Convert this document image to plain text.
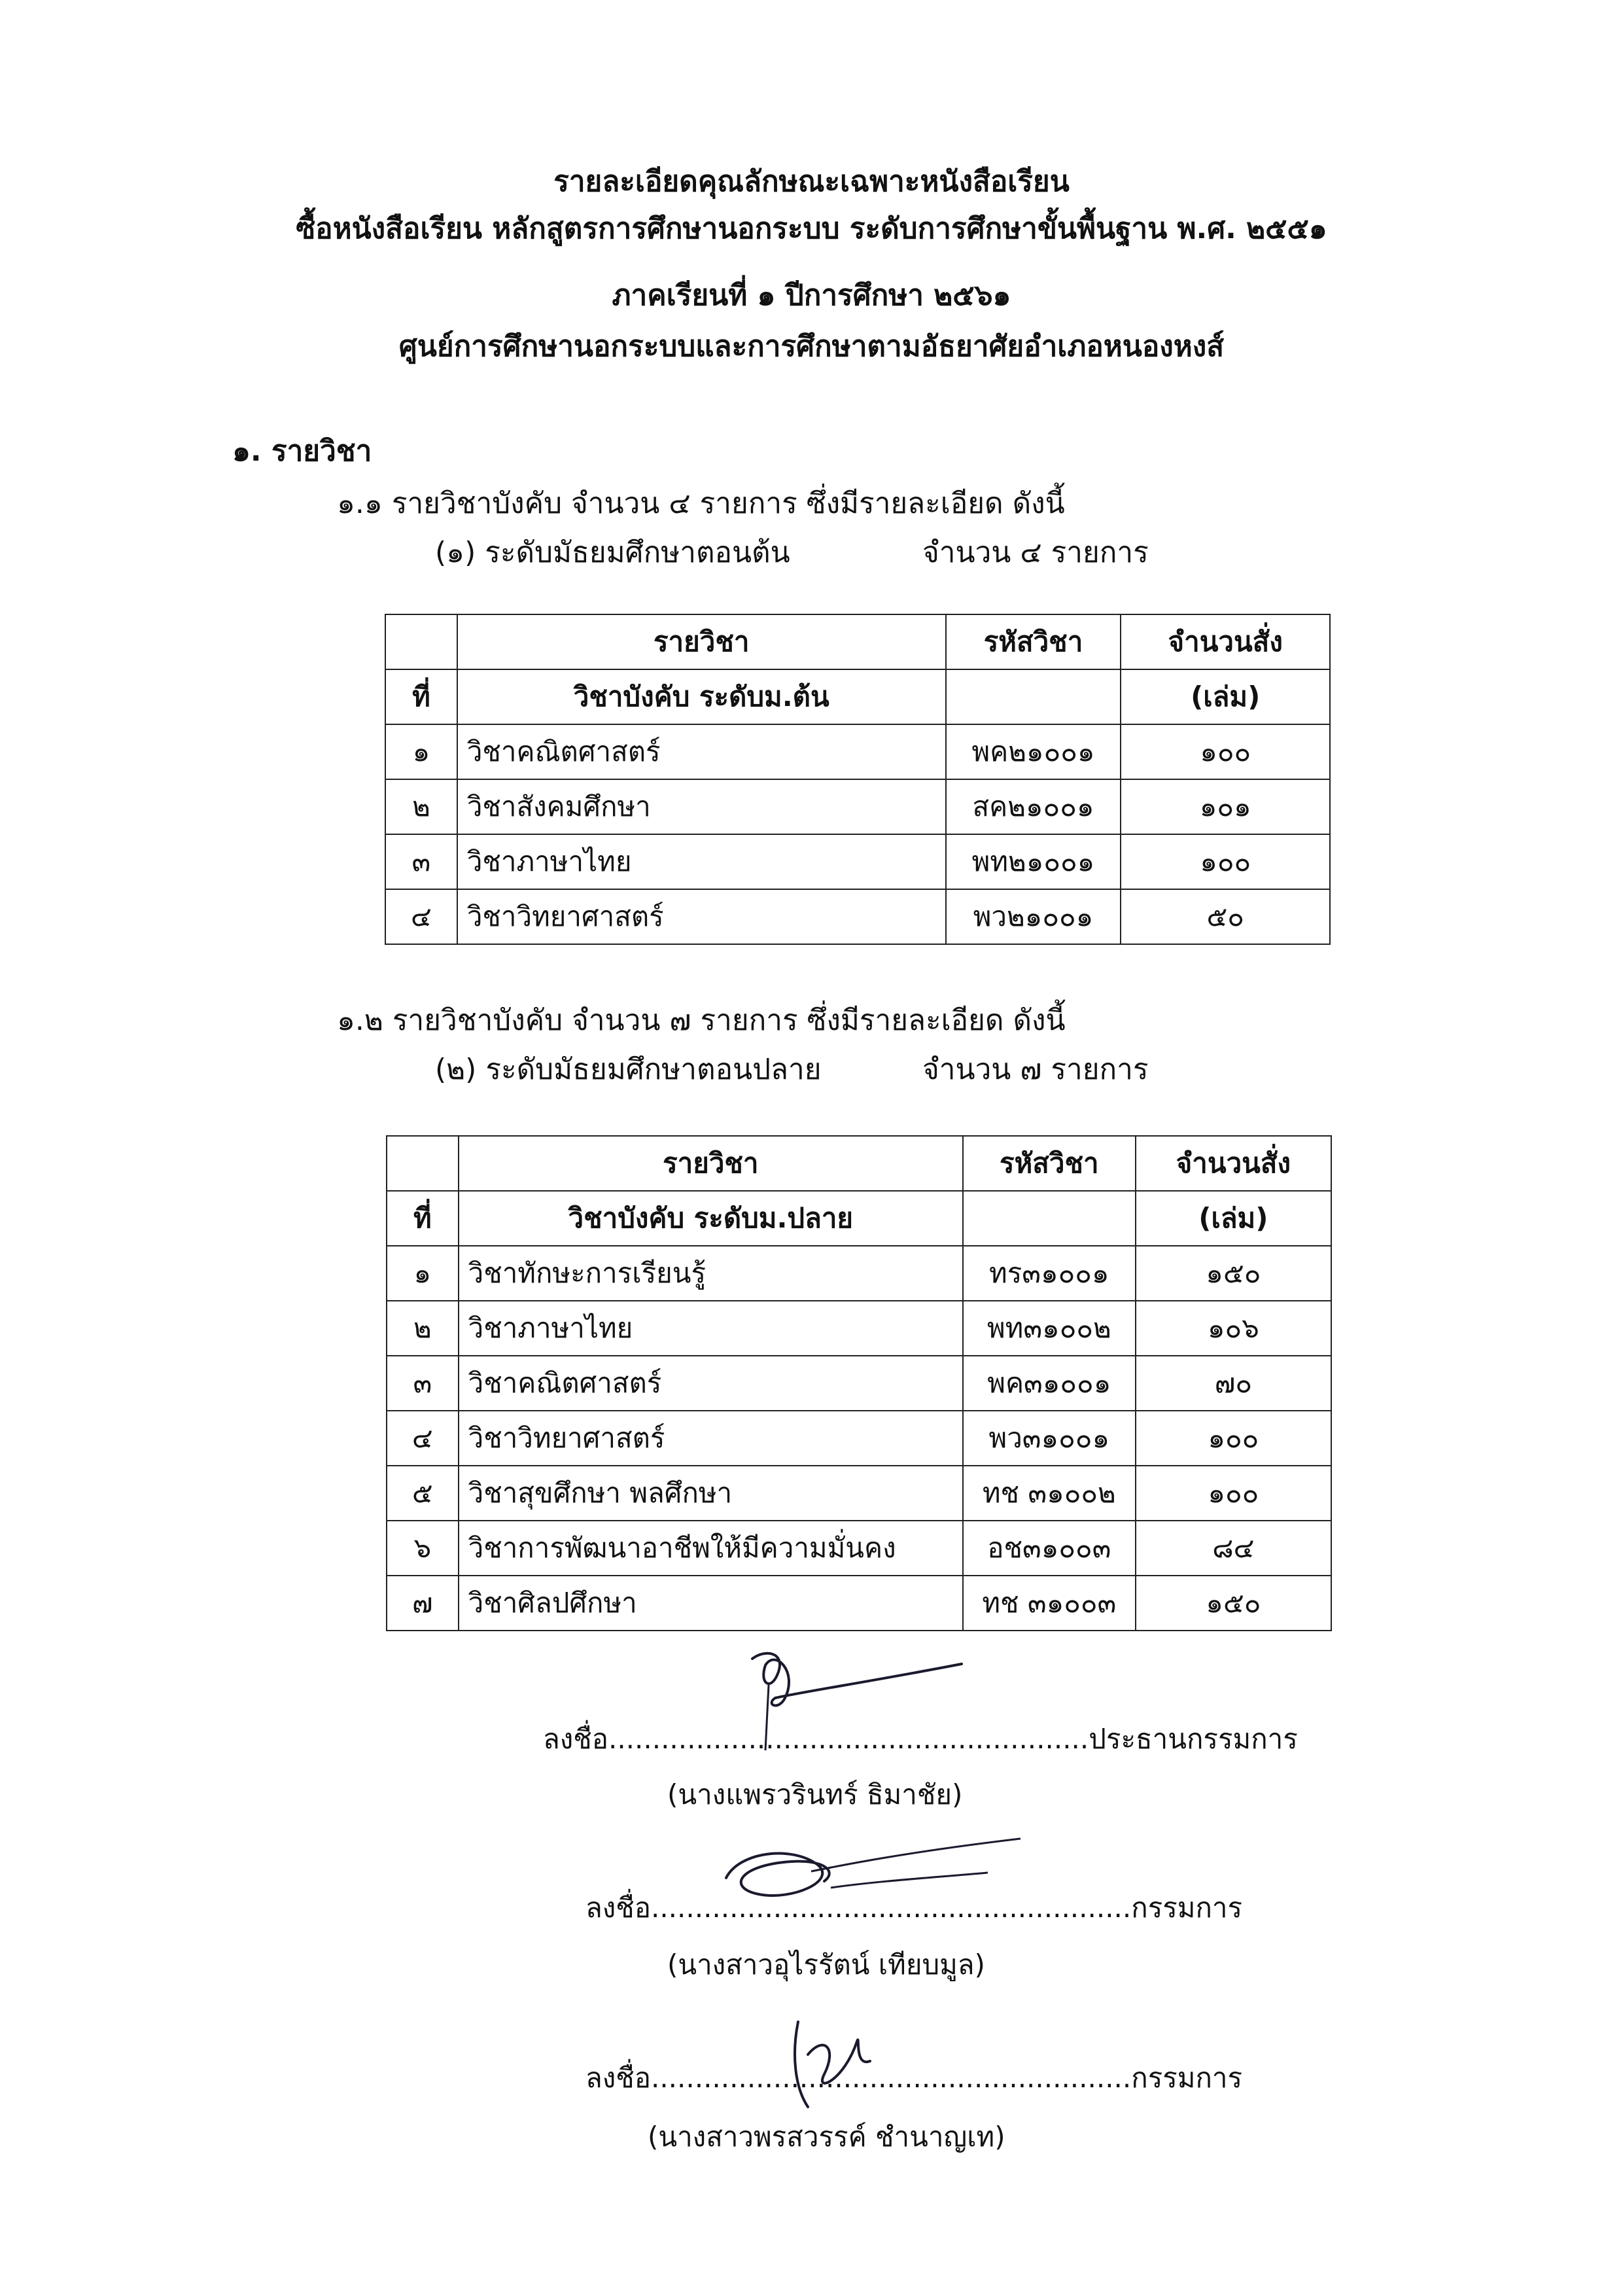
รายละเอียดคุณลักษณะเฉพาะหนังสือเรียน
ซื้อหนังสือเรียน หลักสูตรการศึกษานอกระบบ ระดับการศึกษาขั้นพื้นฐาน พ.ศ. ๒๕๕๑
ภาคเรียนที่ ๑ ปีการศึกษา ๒๕๖๑
ศูนย์การศึกษานอกระบบและการศึกษาตามอัธยาศัยอำเภอหนองหงส์
๑. รายวิชา
๑.๑ รายวิชาบังคับ จำนวน ๔ รายการ ซึ่งมีรายละเอียด ดังนี้
(๑) ระดับมัธยมศึกษาตอนต้น	จำนวน ๔ รายการ
	รายวิชา	รหัสวิชา	จำนวนสั่ง
ที่	วิชาบังคับ ระดับม.ต้น		(เล่ม)
๑	วิชาคณิตศาสตร์	พค๒๑๐๐๑	๑๐๐
๒	วิชาสังคมศึกษา	สค๒๑๐๐๑	๑๐๑
๓	วิชาภาษาไทย	พท๒๑๐๐๑	๑๐๐
๔	วิชาวิทยาศาสตร์	พว๒๑๐๐๑	๕๐
๑.๒ รายวิชาบังคับ จำนวน ๗ รายการ ซึ่งมีรายละเอียด ดังนี้
(๒) ระดับมัธยมศึกษาตอนปลาย	จำนวน ๗ รายการ
	รายวิชา	รหัสวิชา	จำนวนสั่ง
ที่	วิชาบังคับ ระดับม.ปลาย		(เล่ม)
๑	วิชาทักษะการเรียนรู้	ทร๓๑๐๐๑	๑๕๐
๒	วิชาภาษาไทย	พท๓๑๐๐๒	๑๐๖
๓	วิชาคณิตศาสตร์	พค๓๑๐๐๑	๗๐
๔	วิชาวิทยาศาสตร์	พว๓๑๐๐๑	๑๐๐
๕	วิชาสุขศึกษา พลศึกษา	ทช ๓๑๐๐๒	๑๐๐
๖	วิชาการพัฒนาอาชีพให้มีความมั่นคง	อช๓๑๐๐๓	๘๔
๗	วิชาศิลปศึกษา	ทช ๓๑๐๐๓	๑๕๐
ลงชื่อ.......................................................ประธานกรรมการ
(นางแพรวรินทร์ ธิมาชัย)
ลงชื่อ.......................................................กรรมการ
(นางสาวอุไรรัตน์ เทียบมูล)
ลงชื่อ.......................................................กรรมการ
(นางสาวพรสวรรค์ ชำนาญเท)
